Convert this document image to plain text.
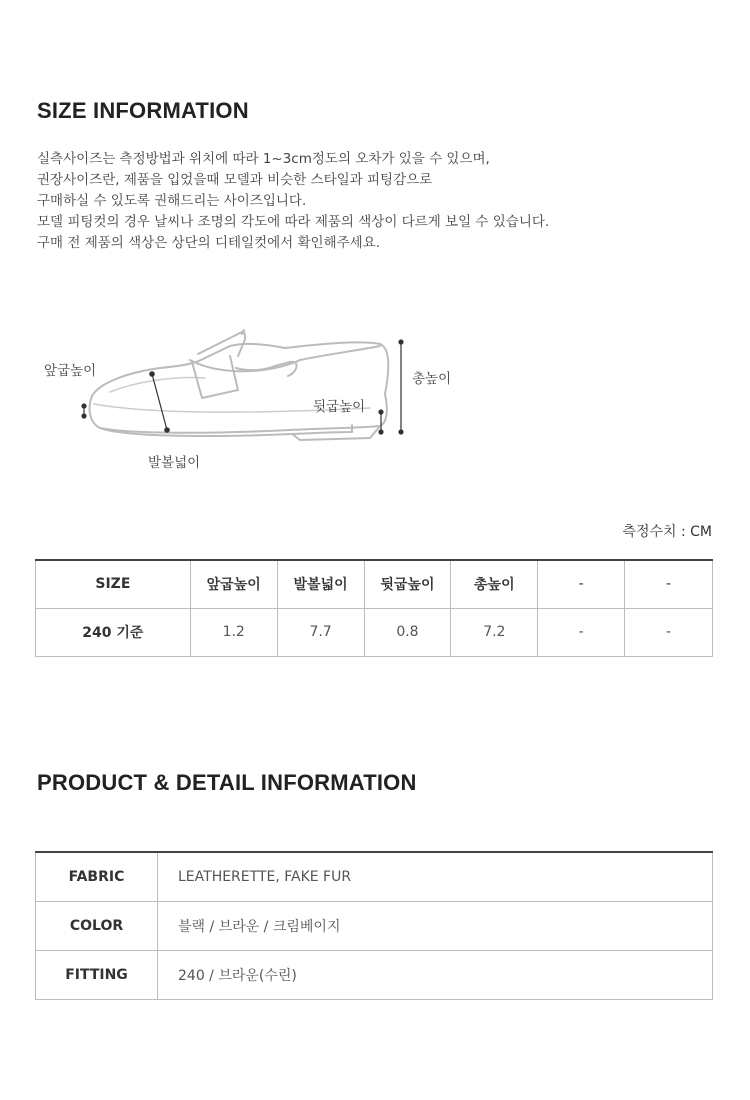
SIZE INFORMATION
실측사이즈는 측정방법과 위치에 따라 1~3cm정도의 오차가 있을 수 있으며,
권장사이즈란, 제품을 입었을때 모델과 비슷한 스타일과 피팅감으로
구매하실 수 있도록 권해드리는 사이즈입니다.
모델 피팅컷의 경우 날씨나 조명의 각도에 따라 제품의 색상이 다르게 보일 수 있습니다.
구매 전 제품의 색상은 상단의 디테일컷에서 확인해주세요.
앞굽높이
발볼넓이
뒷굽높이
총높이
측정수치 : CM
SIZE	앞굽높이	발볼넓이	뒷굽높이	총높이	-	-
240 기준	1.2	7.7	0.8	7.2	-	-
PRODUCT & DETAIL INFORMATION
FABRIC	LEATHERETTE, FAKE FUR
COLOR	블랙 / 브라운 / 크림베이지
FITTING	240 / 브라운(수린)
